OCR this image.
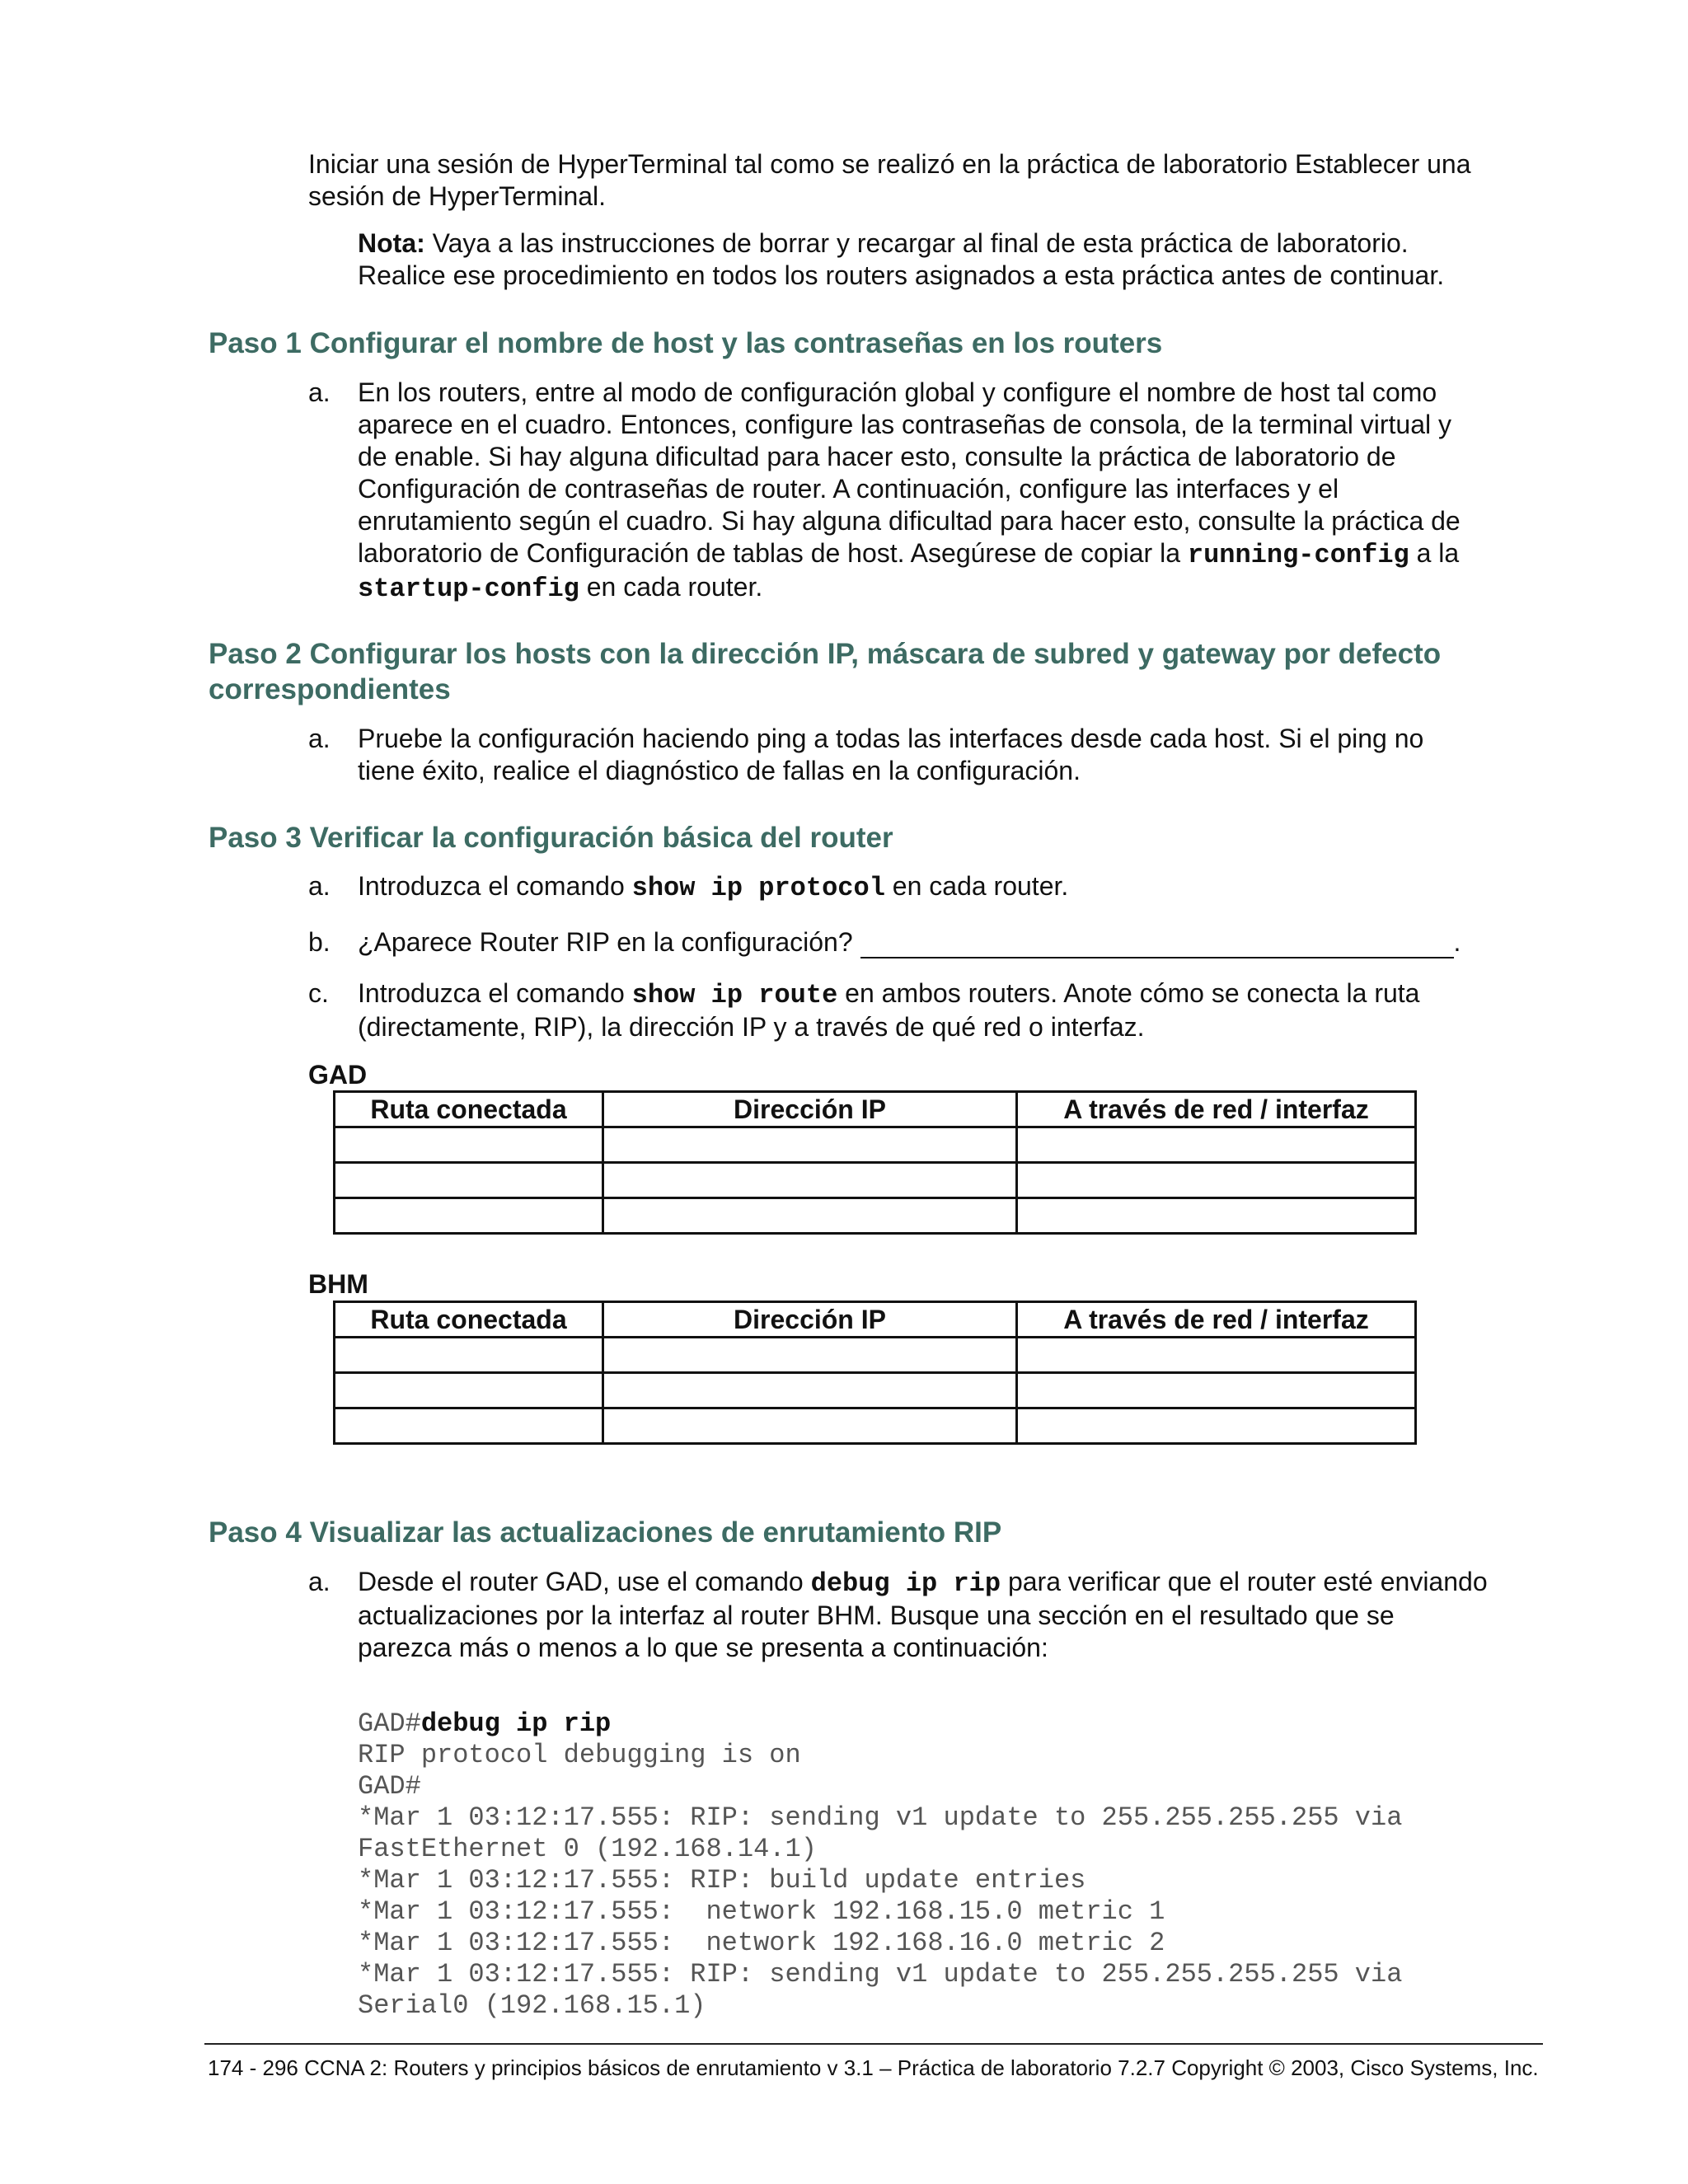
Iniciar una sesión de HyperTerminal tal como se realizó en la práctica de laboratorio Establecer una
sesión de HyperTerminal.
Nota: Vaya a las instrucciones de borrar y recargar al final de esta práctica de laboratorio.
Realice ese procedimiento en todos los routers asignados a esta práctica antes de continuar.
Paso 1 Configurar el nombre de host y las contraseñas en los routers
a. En los routers, entre al modo de configuración global y configure el nombre de host tal como
aparece en el cuadro. Entonces, configure las contraseñas de consola, de la terminal virtual y
de enable. Si hay alguna dificultad para hacer esto, consulte la práctica de laboratorio de
Configuración de contraseñas de router. A continuación, configure las interfaces y el
enrutamiento según el cuadro. Si hay alguna dificultad para hacer esto, consulte la práctica de
laboratorio de Configuración de tablas de host. Asegúrese de copiar la running-config a la
startup-config en cada router.
Paso 2 Configurar los hosts con la dirección IP, máscara de subred y gateway por defecto
correspondientes
a. Pruebe la configuración haciendo ping a todas las interfaces desde cada host. Si el ping no
tiene éxito, realice el diagnóstico de fallas en la configuración.
Paso 3 Verificar la configuración básica del router
a. Introduzca el comando show ip protocol en cada router.
b. ¿Aparece Router RIP en la configuración?	.
c. Introduzca el comando show ip route en ambos routers. Anote cómo se conecta la ruta
(directamente, RIP), la dirección IP y a través de qué red o interfaz.
GAD
Ruta conectada	Dirección IP	A través de red / interfaz

BHM
Ruta conectada	Dirección IP	A través de red / interfaz

Paso 4 Visualizar las actualizaciones de enrutamiento RIP
a. Desde el router GAD, use el comando debug ip rip para verificar que el router esté enviando
actualizaciones por la interfaz al router BHM. Busque una sección en el resultado que se
parezca más o menos a lo que se presenta a continuación:
GAD#debug ip rip
RIP protocol debugging is on
GAD#
*Mar 1 03:12:17.555: RIP: sending v1 update to 255.255.255.255 via
FastEthernet 0 (192.168.14.1)
*Mar 1 03:12:17.555: RIP: build update entries
*Mar 1 03:12:17.555:  network 192.168.15.0 metric 1
*Mar 1 03:12:17.555:  network 192.168.16.0 metric 2
*Mar 1 03:12:17.555: RIP: sending v1 update to 255.255.255.255 via
Serial0 (192.168.15.1)
174 - 296 CCNA 2: Routers y principios básicos de enrutamiento v 3.1 – Práctica de laboratorio 7.2.7 Copyright © 2003, Cisco Systems, Inc.
